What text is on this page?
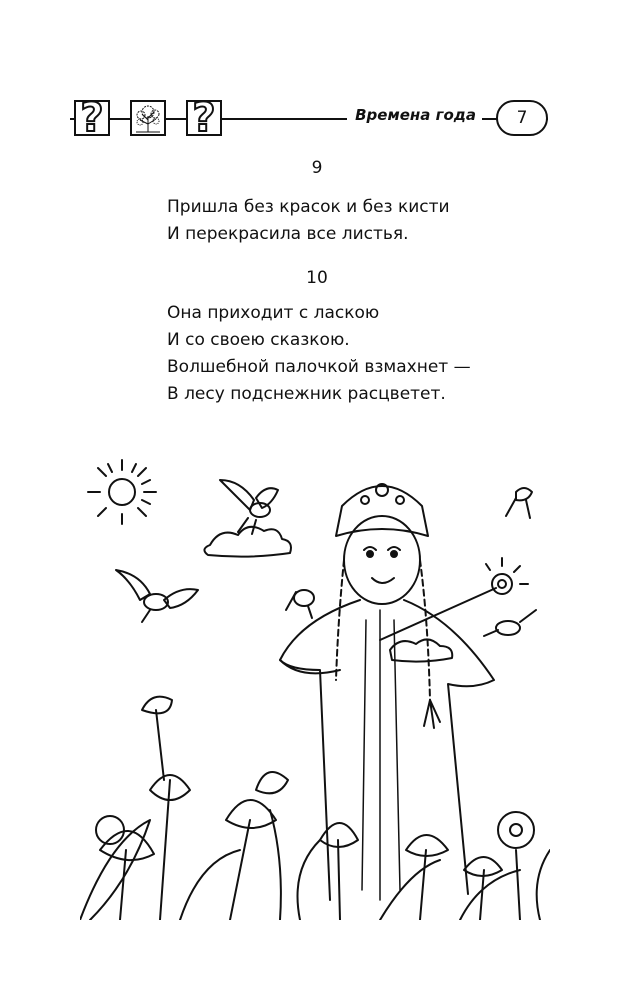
? ?	Времена года	7
9
Пришла без красок и без кисти
И перекрасила все листья.
10
Она приходит с ласкою
И со своею сказкою.
Волшебной палочкой взмахнет —
В лесу подснежник расцветет.
